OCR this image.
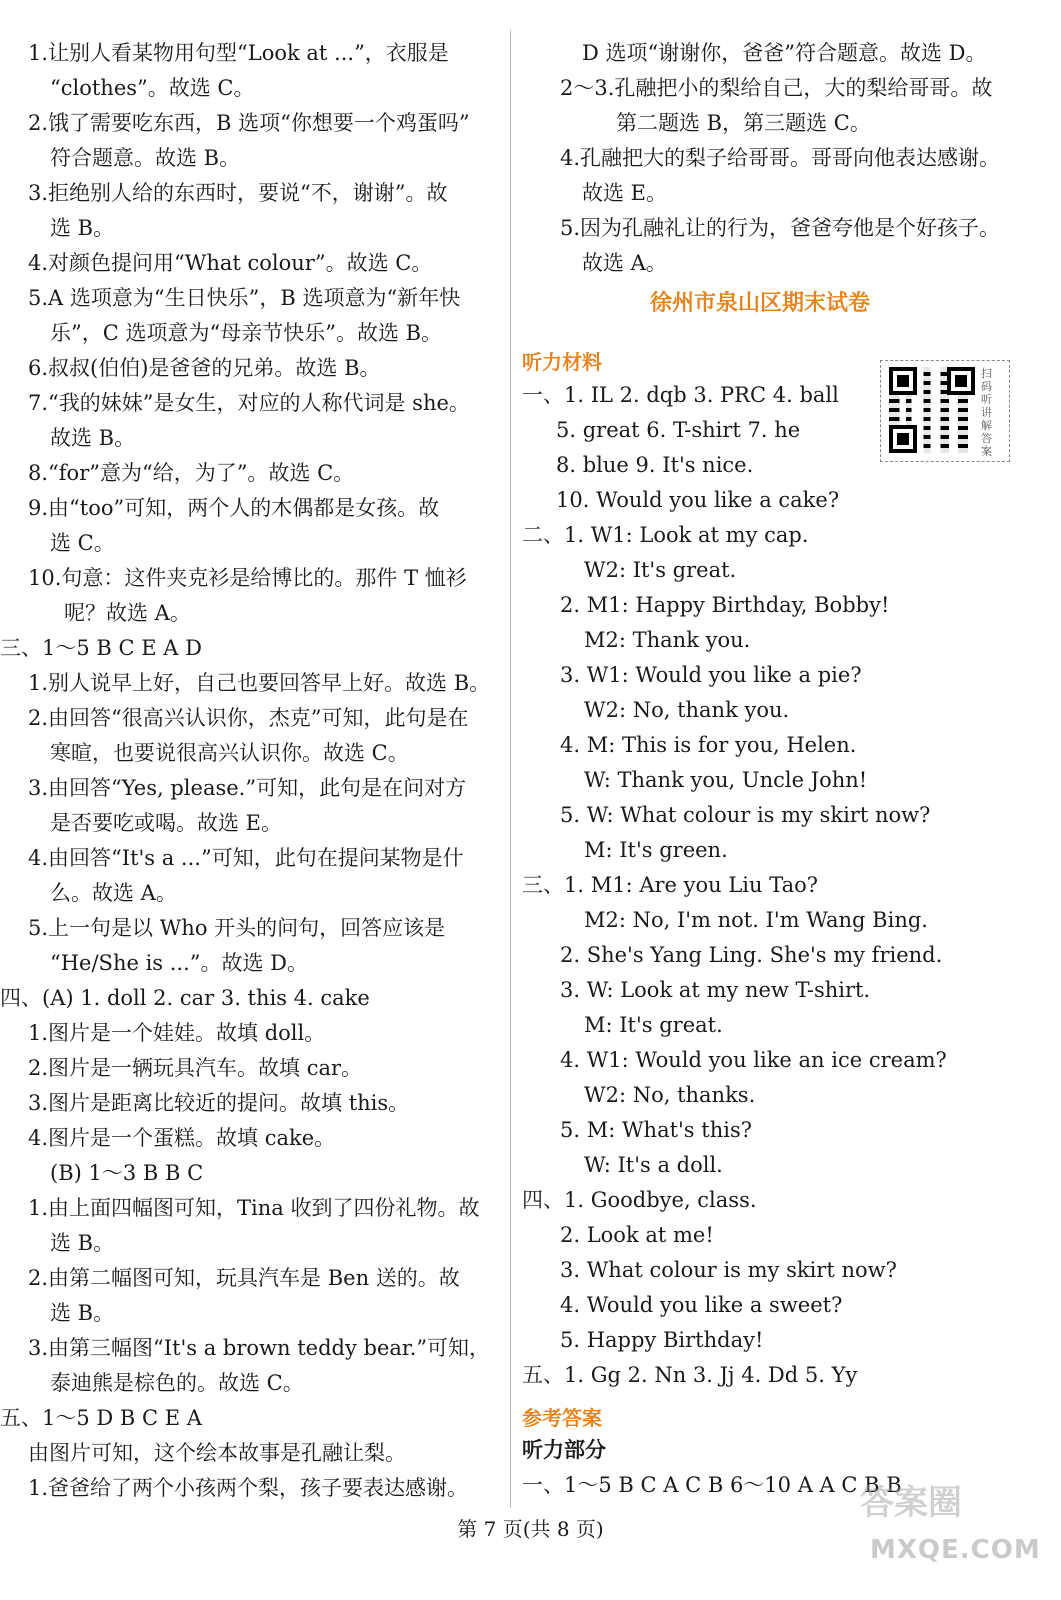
1.让别人看某物用句型“Look at ...”，衣服是
“clothes”。故选 C。
2.饿了需要吃东西，B 选项“你想要一个鸡蛋吗”
符合题意。故选 B。
3.拒绝别人给的东西时，要说“不，谢谢”。故
选 B。
4.对颜色提问用“What colour”。故选 C。
5.A 选项意为“生日快乐”，B 选项意为“新年快
乐”，C 选项意为“母亲节快乐”。故选 B。
6.叔叔(伯伯)是爸爸的兄弟。故选 B。
7.“我的妹妹”是女生，对应的人称代词是 she。
故选 B。
8.“for”意为“给，为了”。故选 C。
9.由“too”可知，两个人的木偶都是女孩。故
选 C。
10.句意：这件夹克衫是给博比的。那件 T 恤衫
呢？故选 A。
三、1～5 B C E A D
1.别人说早上好，自己也要回答早上好。故选 B。
2.由回答“很高兴认识你，杰克”可知，此句是在
寒暄，也要说很高兴认识你。故选 C。
3.由回答“Yes, please.”可知，此句是在问对方
是否要吃或喝。故选 E。
4.由回答“It's a ...”可知，此句在提问某物是什
么。故选 A。
5.上一句是以 Who 开头的问句，回答应该是
“He/She is ...”。故选 D。
四、(A) 1. doll 2. car 3. this 4. cake
1.图片是一个娃娃。故填 doll。
2.图片是一辆玩具汽车。故填 car。
3.图片是距离比较近的提问。故填 this。
4.图片是一个蛋糕。故填 cake。
(B) 1～3 B B C
1.由上面四幅图可知，Tina 收到了四份礼物。故
选 B。
2.由第二幅图可知，玩具汽车是 Ben 送的。故
选 B。
3.由第三幅图“It's a brown teddy bear.”可知，
泰迪熊是棕色的。故选 C。
五、1～5 D B C E A
由图片可知，这个绘本故事是孔融让梨。
1.爸爸给了两个小孩两个梨，孩子要表达感谢。
D 选项“谢谢你，爸爸”符合题意。故选 D。
2～3.孔融把小的梨给自己，大的梨给哥哥。故
第二题选 B，第三题选 C。
4.孔融把大的梨子给哥哥。哥哥向他表达感谢。
故选 E。
5.因为孔融礼让的行为，爸爸夸他是个好孩子。
故选 A。
徐州市泉山区期末试卷
听力材料	扫码听讲解答案
一、1. IL 2. dqb 3. PRC 4. ball
5. great 6. T-shirt 7. he
8. blue 9. It's nice.
10. Would you like a cake?
二、1. W1: Look at my cap.
W2: It's great.
2. M1: Happy Birthday, Bobby!
M2: Thank you.
3. W1: Would you like a pie?
W2: No, thank you.
4. M: This is for you, Helen.
W: Thank you, Uncle John!
5. W: What colour is my skirt now?
M: It's green.
三、1. M1: Are you Liu Tao?
M2: No, I'm not. I'm Wang Bing.
2. She's Yang Ling. She's my friend.
3. W: Look at my new T-shirt.
M: It's great.
4. W1: Would you like an ice cream?
W2: No, thanks.
5. M: What's this?
W: It's a doll.
四、1. Goodbye, class.
2. Look at me!
3. What colour is my skirt now?
4. Would you like a sweet?
5. Happy Birthday!
五、1. Gg 2. Nn 3. Jj 4. Dd 5. Yy
参考答案
听力部分
一、1～5 B C A C B 6～10 A A C B B
第 7 页(共 8 页)
答案圈
MXQE.COM
